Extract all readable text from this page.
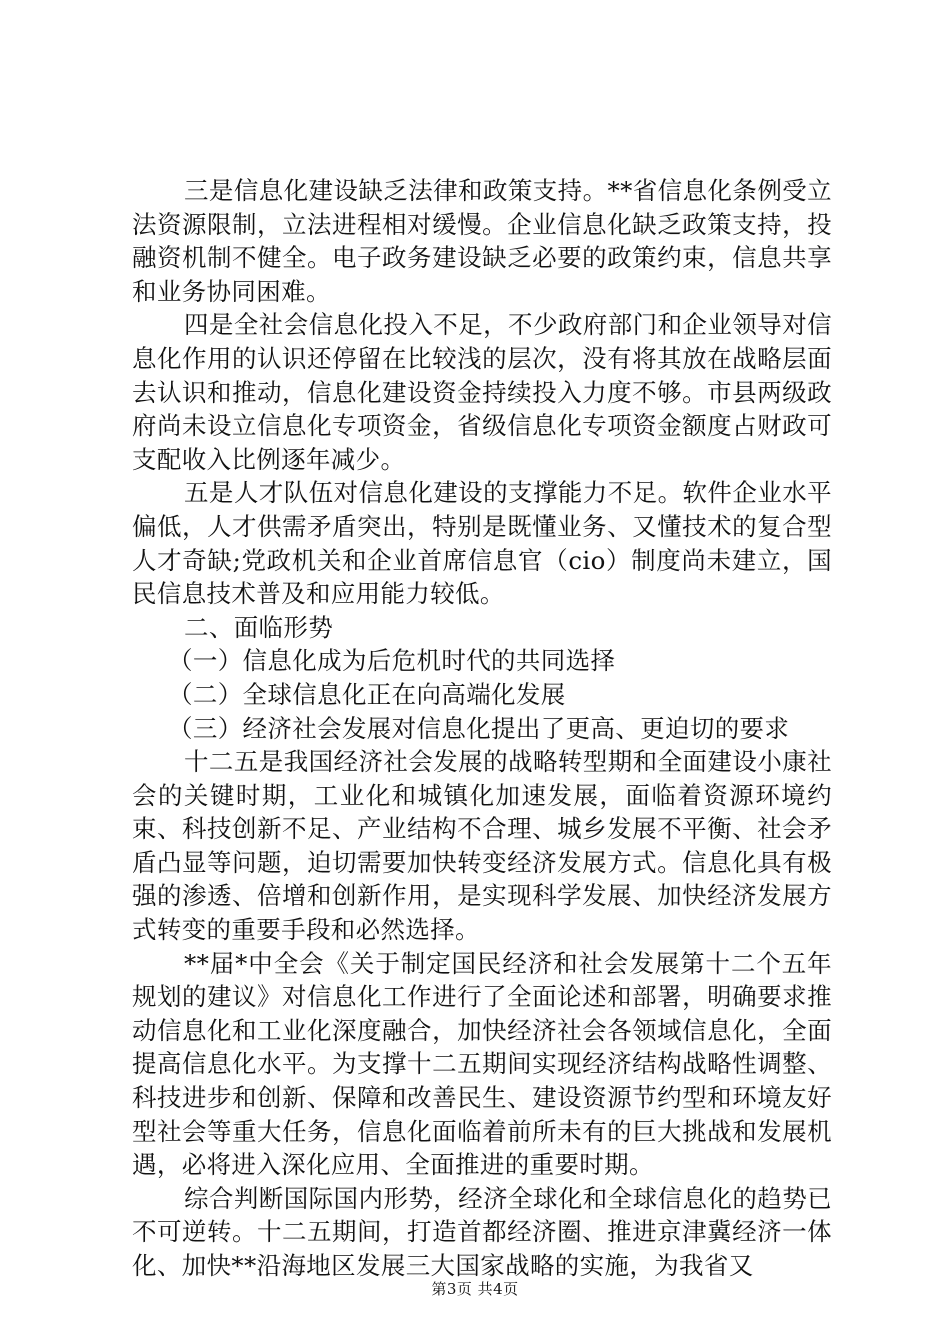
三是信息化建设缺乏法律和政策支持。**省信息化条例受立法资源限制，立法进程相对缓慢。企业信息化缺乏政策支持，投融资机制不健全。电子政务建设缺乏必要的政策约束，信息共享和业务协同困难。

四是全社会信息化投入不足，不少政府部门和企业领导对信息化作用的认识还停留在比较浅的层次，没有将其放在战略层面去认识和推动，信息化建设资金持续投入力度不够。市县两级政府尚未设立信息化专项资金，省级信息化专项资金额度占财政可支配收入比例逐年减少。

五是人才队伍对信息化建设的支撑能力不足。软件企业水平偏低，人才供需矛盾突出，特别是既懂业务、又懂技术的复合型人才奇缺;党政机关和企业首席信息官（cio）制度尚未建立，国民信息技术普及和应用能力较低。

二、面临形势

（一）信息化成为后危机时代的共同选择

（二）全球信息化正在向高端化发展

（三）经济社会发展对信息化提出了更高、更迫切的要求

十二五是我国经济社会发展的战略转型期和全面建设小康社会的关键时期，工业化和城镇化加速发展，面临着资源环境约束、科技创新不足、产业结构不合理、城乡发展不平衡、社会矛盾凸显等问题，迫切需要加快转变经济发展方式。信息化具有极强的渗透、倍增和创新作用，是实现科学发展、加快经济发展方式转变的重要手段和必然选择。

**届*中全会《关于制定国民经济和社会发展第十二个五年规划的建议》对信息化工作进行了全面论述和部署，明确要求推动信息化和工业化深度融合，加快经济社会各领域信息化，全面提高信息化水平。为支撑十二五期间实现经济结构战略性调整、科技进步和创新、保障和改善民生、建设资源节约型和环境友好型社会等重大任务，信息化面临着前所未有的巨大挑战和发展机遇，必将进入深化应用、全面推进的重要时期。

综合判断国际国内形势，经济全球化和全球信息化的趋势已不可逆转。十二五期间，打造首都经济圈、推进京津冀经济一体化、加快**沿海地区发展三大国家战略的实施，为我省又

第3页 共4页
